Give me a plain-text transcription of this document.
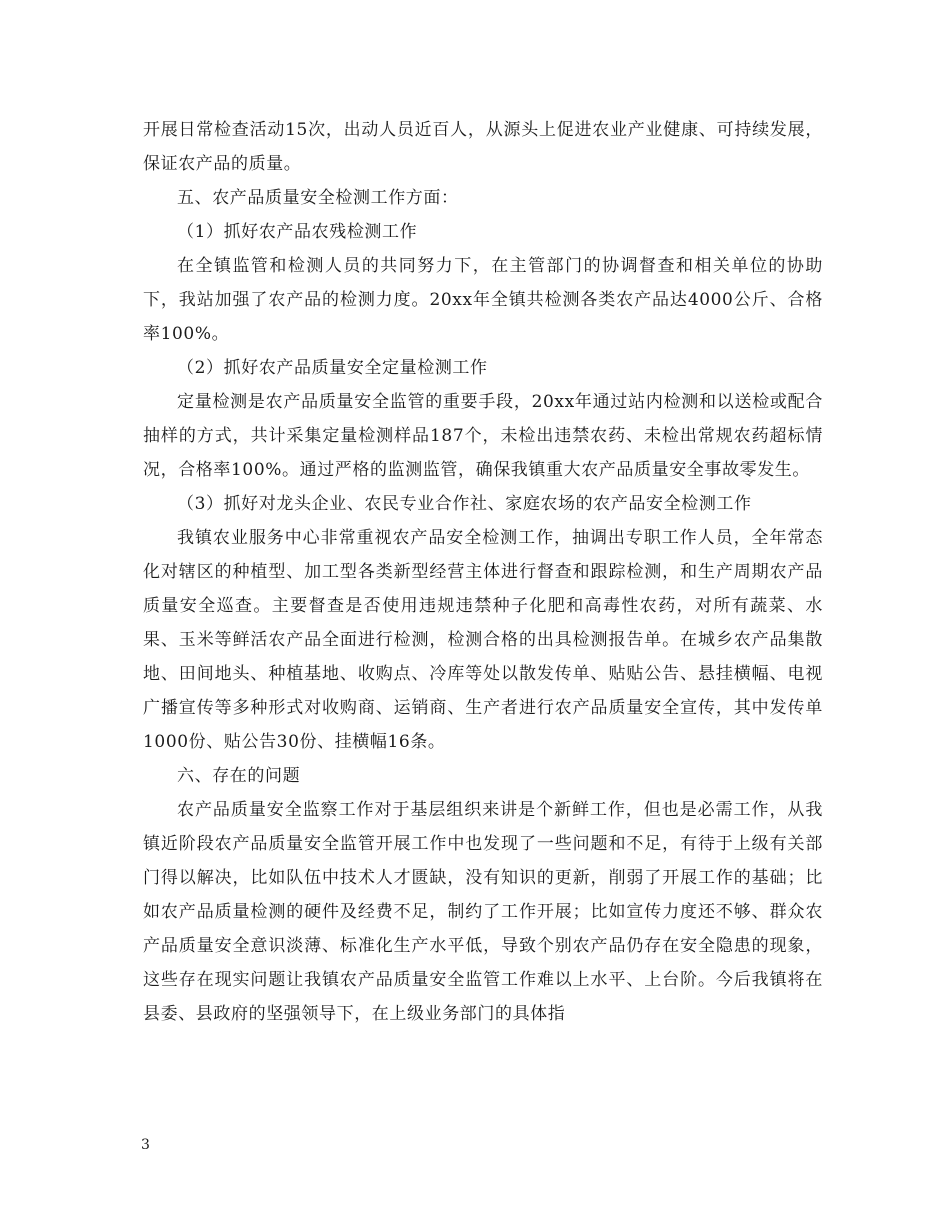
开展日常检查活动15次，出动人员近百人，从源头上促进农业产业健康、可持续发展，保证农产品的质量。

五、农产品质量安全检测工作方面：

（1）抓好农产品农残检测工作

在全镇监管和检测人员的共同努力下，在主管部门的协调督查和相关单位的协助下，我站加强了农产品的检测力度。20xx年全镇共检测各类农产品达4000公斤、合格率100%。

（2）抓好农产品质量安全定量检测工作

定量检测是农产品质量安全监管的重要手段，20xx年通过站内检测和以送检或配合抽样的方式，共计采集定量检测样品187个，未检出违禁农药、未检出常规农药超标情况，合格率100%。通过严格的监测监管，确保我镇重大农产品质量安全事故零发生。

（3）抓好对龙头企业、农民专业合作社、家庭农场的农产品安全检测工作

我镇农业服务中心非常重视农产品安全检测工作，抽调出专职工作人员，全年常态化对辖区的种植型、加工型各类新型经营主体进行督查和跟踪检测，和生产周期农产品质量安全巡查。主要督查是否使用违规违禁种子化肥和高毒性农药，对所有蔬菜、水果、玉米等鲜活农产品全面进行检测，检测合格的出具检测报告单。在城乡农产品集散地、田间地头、种植基地、收购点、冷库等处以散发传单、贴贴公告、悬挂横幅、电视广播宣传等多种形式对收购商、运销商、生产者进行农产品质量安全宣传，其中发传单1000份、贴公告30份、挂横幅16条。

六、存在的问题

农产品质量安全监察工作对于基层组织来讲是个新鲜工作，但也是必需工作，从我镇近阶段农产品质量安全监管开展工作中也发现了一些问题和不足，有待于上级有关部门得以解决，比如队伍中技术人才匮缺，没有知识的更新，削弱了开展工作的基础；比如农产品质量检测的硬件及经费不足，制约了工作开展；比如宣传力度还不够、群众农产品质量安全意识淡薄、标准化生产水平低，导致个别农产品仍存在安全隐患的现象，这些存在现实问题让我镇农产品质量安全监管工作难以上水平、上台阶。今后我镇将在县委、县政府的坚强领导下，在上级业务部门的具体指

3
